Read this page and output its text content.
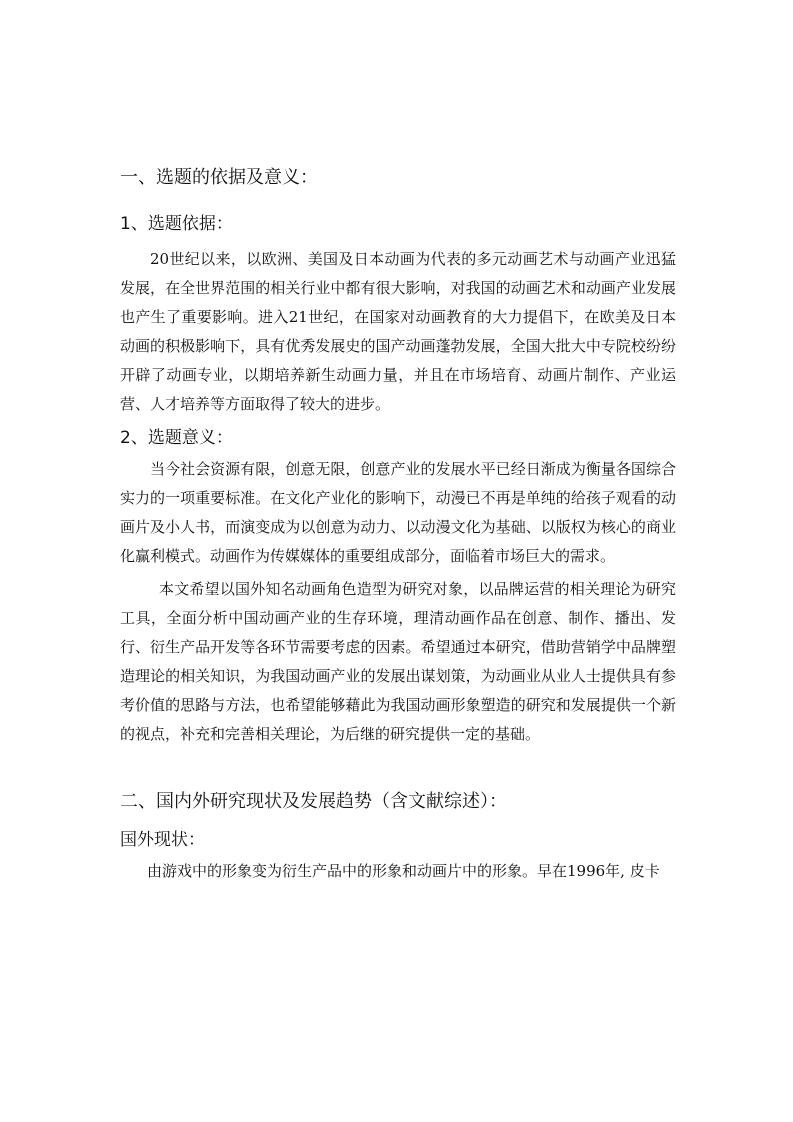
一、选题的依据及意义：
1、选题依据：

20世纪以来，以欧洲、美国及日本动画为代表的多元动画艺术与动画产业迅猛发展，在全世界范围的相关行业中都有很大影响，对我国的动画艺术和动画产业发展也产生了重要影响。进入21世纪，在国家对动画教育的大力提倡下，在欧美及日本动画的积极影响下，具有优秀发展史的国产动画蓬勃发展，全国大批大中专院校纷纷开辟了动画专业，以期培养新生动画力量，并且在市场培育、动画片制作、产业运营、人才培养等方面取得了较大的进步。

2、选题意义：

当今社会资源有限，创意无限，创意产业的发展水平已经日渐成为衡量各国综合实力的一项重要标准。在文化产业化的影响下，动漫已不再是单纯的给孩子观看的动画片及小人书，而演变成为以创意为动力、以动漫文化为基础、以版权为核心的商业化赢利模式。动画作为传媒媒体的重要组成部分，面临着市场巨大的需求。

本文希望以国外知名动画角色造型为研究对象，以品牌运营的相关理论为研究工具，全面分析中国动画产业的生存环境，理清动画作品在创意、制作、播出、发行、衍生产品开发等各环节需要考虑的因素。希望通过本研究，借助营销学中品牌塑造理论的相关知识，为我国动画产业的发展出谋划策，为动画业从业人士提供具有参考价值的思路与方法，也希望能够藉此为我国动画形象塑造的研究和发展提供一个新的视点，补充和完善相关理论，为后继的研究提供一定的基础。

二、国内外研究现状及发展趋势（含文献综述）：
国外现状：

由游戏中的形象变为衍生产品中的形象和动画片中的形象。早在1996年, 皮卡
